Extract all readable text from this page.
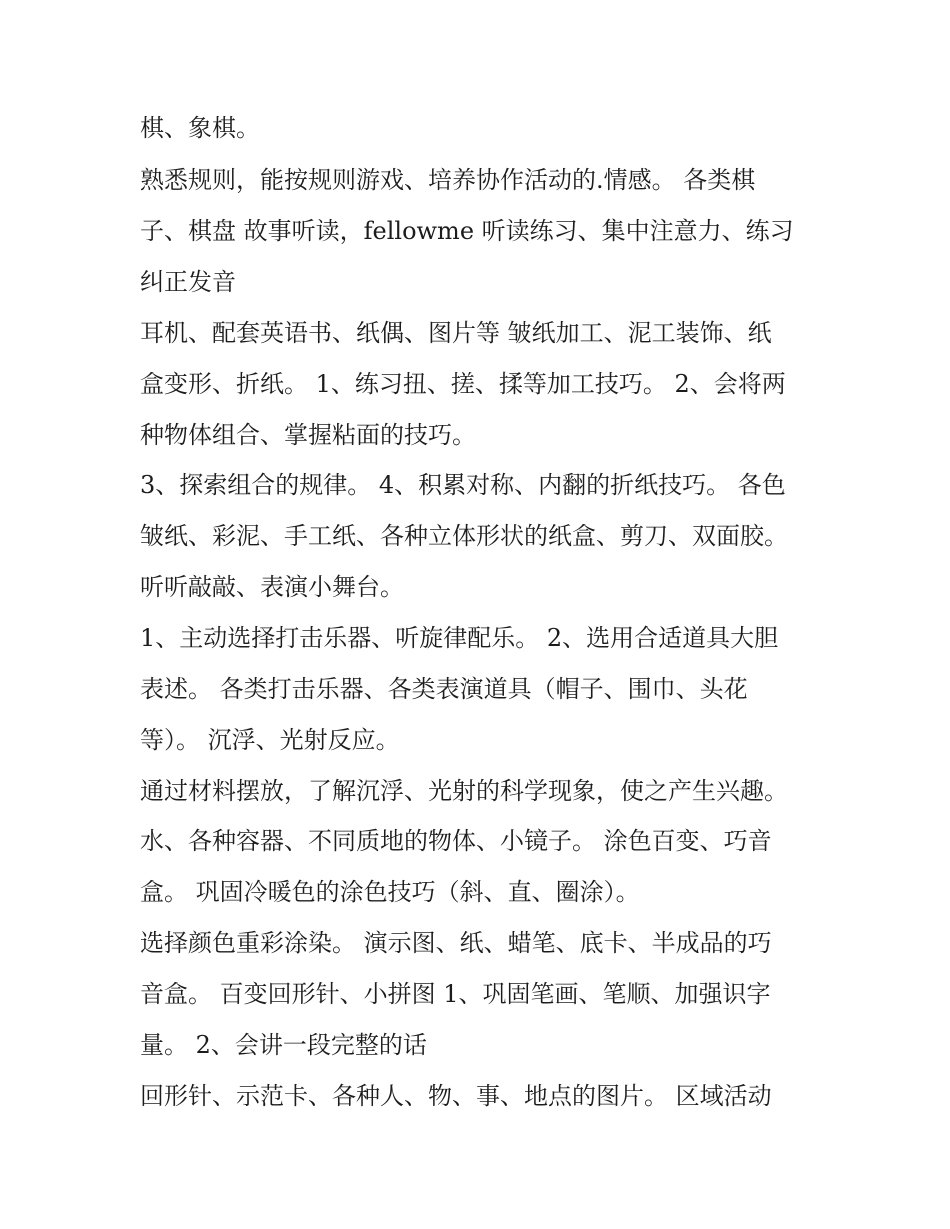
棋、象棋。
熟悉规则，能按规则游戏、培养协作活动的.情感。 各类棋
子、棋盘 故事听读，fellowme 听读练习、集中注意力、练习
纠正发音
耳机、配套英语书、纸偶、图片等 皱纸加工、泥工装饰、纸
盒变形、折纸。 1、练习扭、搓、揉等加工技巧。 2、会将两
种物体组合、掌握粘面的技巧。
3、探索组合的规律。 4、积累对称、内翻的折纸技巧。 各色
皱纸、彩泥、手工纸、各种立体形状的纸盒、剪刀、双面胶。
听听敲敲、表演小舞台。
1、主动选择打击乐器、听旋律配乐。 2、选用合适道具大胆
表述。 各类打击乐器、各类表演道具（帽子、围巾、头花
等）。 沉浮、光射反应。
通过材料摆放，了解沉浮、光射的科学现象，使之产生兴趣。
水、各种容器、不同质地的物体、小镜子。 涂色百变、巧音
盒。 巩固冷暖色的涂色技巧（斜、直、圈涂）。
选择颜色重彩涂染。 演示图、纸、蜡笔、底卡、半成品的巧
音盒。 百变回形针、小拼图 1、巩固笔画、笔顺、加强识字
量。 2、会讲一段完整的话
回形针、示范卡、各种人、物、事、地点的图片。 区域活动
